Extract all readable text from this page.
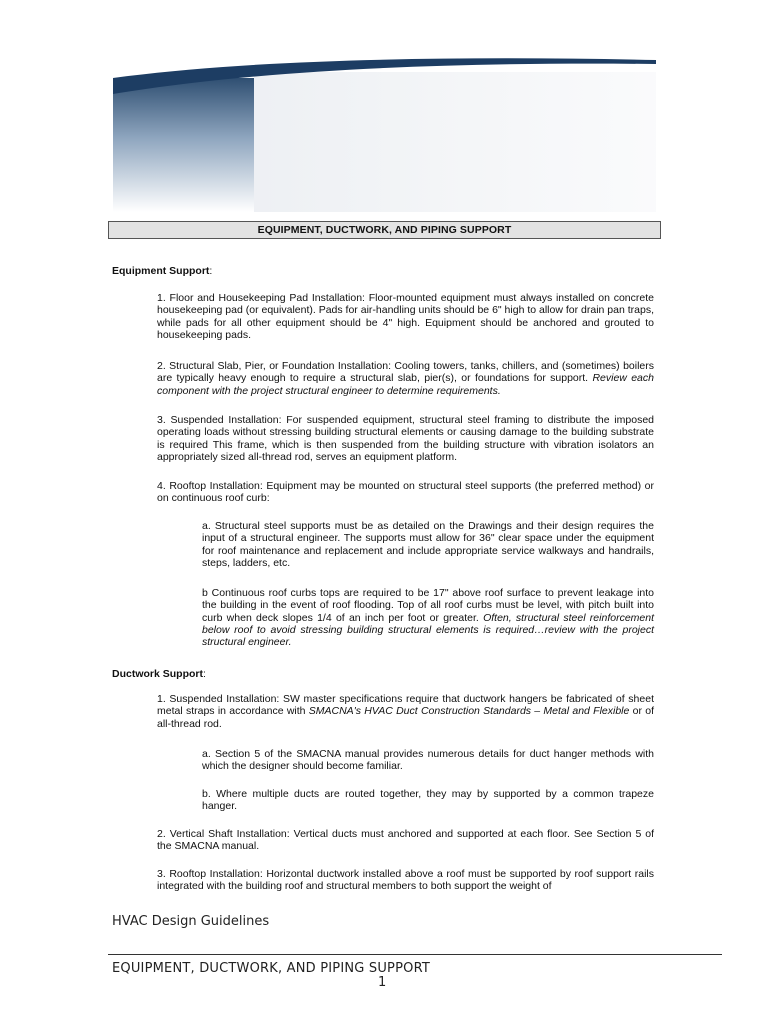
EQUIPMENT, DUCTWORK, AND PIPING SUPPORT
Equipment Support:

1. Floor and Housekeeping Pad Installation: Floor-mounted equipment must always installed on concrete housekeeping pad (or equivalent). Pads for air-handling units should be 6" high to allow for drain pan traps, while pads for all other equipment should be 4" high. Equipment should be anchored and grouted to housekeeping pads.

2. Structural Slab, Pier, or Foundation Installation: Cooling towers, tanks, chillers, and (sometimes) boilers are typically heavy enough to require a structural slab, pier(s), or foundations for support. Review each component with the project structural engineer to determine requirements.

3. Suspended Installation: For suspended equipment, structural steel framing to distribute the imposed operating loads without stressing building structural elements or causing damage to the building substrate is required This frame, which is then suspended from the building structure with vibration isolators an appropriately sized all-thread rod, serves an equipment platform.

4. Rooftop Installation: Equipment may be mounted on structural steel supports (the preferred method) or on continuous roof curb:

a. Structural steel supports must be as detailed on the Drawings and their design requires the input of a structural engineer. The supports must allow for 36" clear space under the equipment for roof maintenance and replacement and include appropriate service walkways and handrails, steps, ladders, etc.

b Continuous roof curbs tops are required to be 17" above roof surface to prevent leakage into the building in the event of roof flooding. Top of all roof curbs must be level, with pitch built into curb when deck slopes 1/4 of an inch per foot or greater. Often, structural steel reinforcement below roof to avoid stressing building structural elements is required…review with the project structural engineer.

Ductwork Support:

1. Suspended Installation: SW master specifications require that ductwork hangers be fabricated of sheet metal straps in accordance with SMACNA's HVAC Duct Construction Standards – Metal and Flexible or of all-thread rod.

a. Section 5 of the SMACNA manual provides numerous details for duct hanger methods with which the designer should become familiar.

b. Where multiple ducts are routed together, they may by supported by a common trapeze hanger.

2. Vertical Shaft Installation: Vertical ducts must anchored and supported at each floor. See Section 5 of the SMACNA manual.

3. Rooftop Installation: Horizontal ductwork installed above a roof must be supported by roof support rails integrated with the building roof and structural members to both support the weight of

HVAC Design Guidelines
EQUIPMENT, DUCTWORK, AND PIPING SUPPORT
1
